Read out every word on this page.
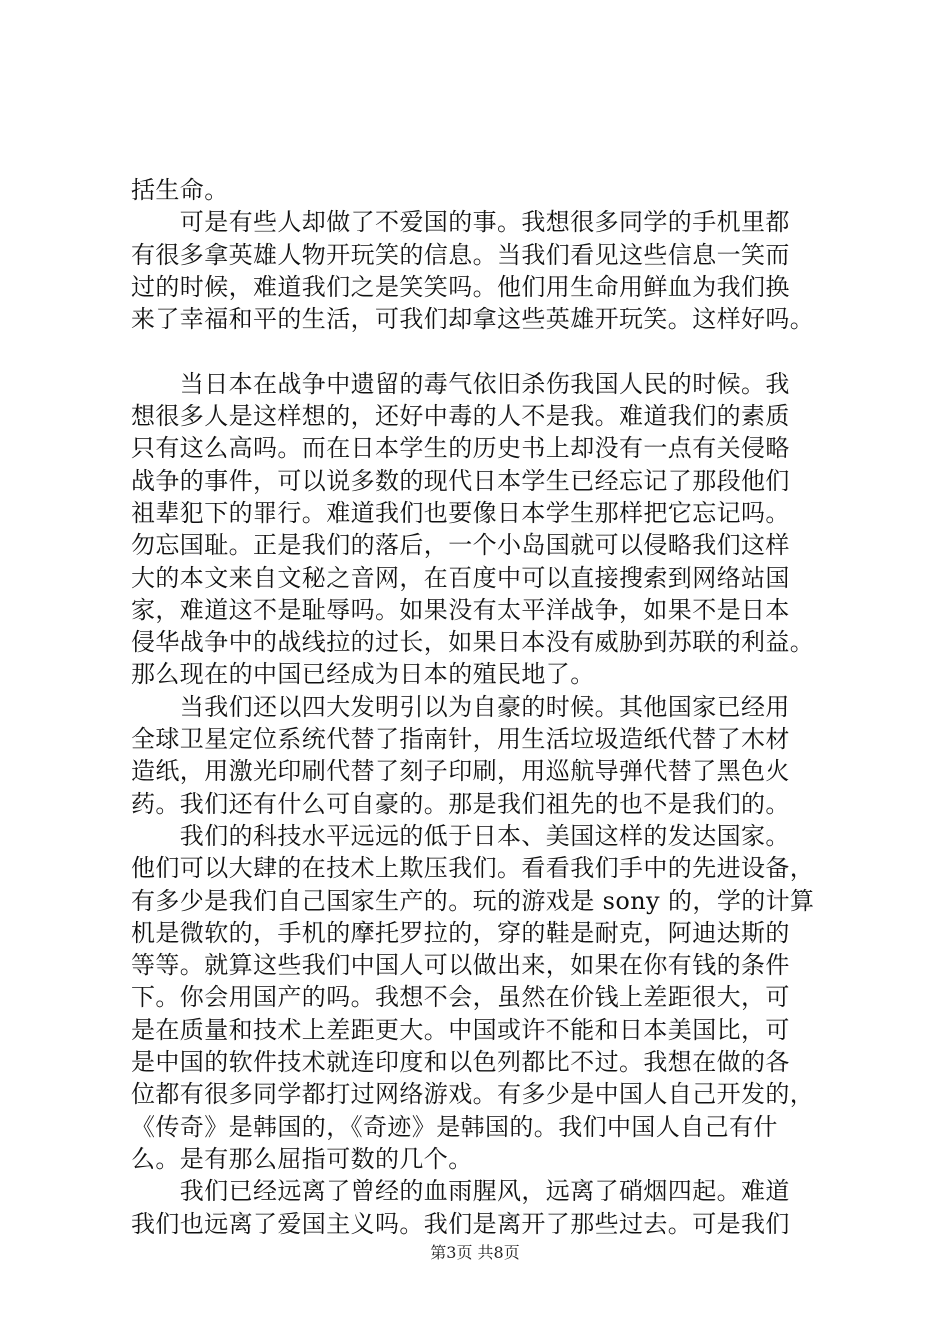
括生命。
　　可是有些人却做了不爱国的事。我想很多同学的手机里都
有很多拿英雄人物开玩笑的信息。当我们看见这些信息一笑而
过的时候，难道我们之是笑笑吗。他们用生命用鲜血为我们换
来了幸福和平的生活，可我们却拿这些英雄开玩笑。这样好吗。
　　当日本在战争中遗留的毒气依旧杀伤我国人民的时候。我
想很多人是这样想的，还好中毒的人不是我。难道我们的素质
只有这么高吗。而在日本学生的历史书上却没有一点有关侵略
战争的事件，可以说多数的现代日本学生已经忘记了那段他们
祖辈犯下的罪行。难道我们也要像日本学生那样把它忘记吗。
勿忘国耻。正是我们的落后，一个小岛国就可以侵略我们这样
大的本文来自文秘之音网，在百度中可以直接搜索到网络站国
家，难道这不是耻辱吗。如果没有太平洋战争，如果不是日本
侵华战争中的战线拉的过长，如果日本没有威胁到苏联的利益。
那么现在的中国已经成为日本的殖民地了。
　　当我们还以四大发明引以为自豪的时候。其他国家已经用
全球卫星定位系统代替了指南针，用生活垃圾造纸代替了木材
造纸，用激光印刷代替了刻子印刷，用巡航导弹代替了黑色火
药。我们还有什么可自豪的。那是我们祖先的也不是我们的。
　　我们的科技水平远远的低于日本、美国这样的发达国家。
他们可以大肆的在技术上欺压我们。看看我们手中的先进设备，
有多少是我们自己国家生产的。玩的游戏是 sony 的，学的计算
机是微软的，手机的摩托罗拉的，穿的鞋是耐克，阿迪达斯的
等等。就算这些我们中国人可以做出来，如果在你有钱的条件
下。你会用国产的吗。我想不会，虽然在价钱上差距很大，可
是在质量和技术上差距更大。中国或许不能和日本美国比，可
是中国的软件技术就连印度和以色列都比不过。我想在做的各
位都有很多同学都打过网络游戏。有多少是中国人自己开发的，
《传奇》是韩国的，《奇迹》是韩国的。我们中国人自己有什
么。是有那么屈指可数的几个。
　　我们已经远离了曾经的血雨腥风，远离了硝烟四起。难道
我们也远离了爱国主义吗。我们是离开了那些过去。可是我们
第3页 共8页
